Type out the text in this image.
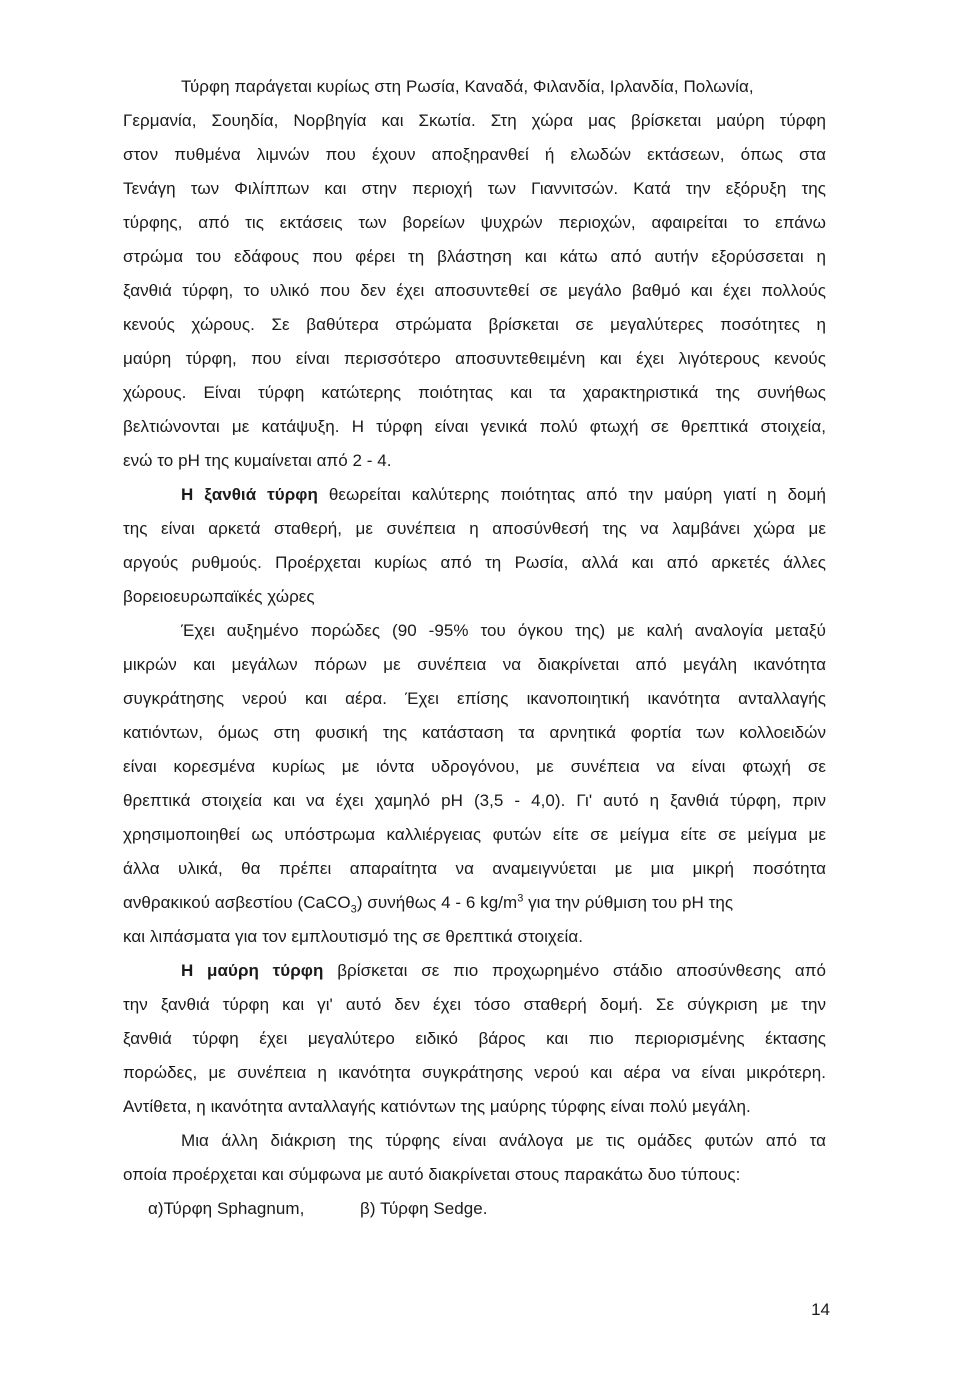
Τύρφη παράγεται κυρίως στη Ρωσία, Καναδά, Φιλανδία, Ιρλανδία, Πολωνία,
Γερμανία, Σουηδία, Νορβηγία και Σκωτία. Στη χώρα μας βρίσκεται μαύρη τύρφη
στον πυθμένα λιμνών που έχουν αποξηρανθεί ή ελωδών εκτάσεων, όπως στα
Τενάγη των Φιλίππων και στην περιοχή των Γιαννιτσών. Κατά την εξόρυξη της
τύρφης, από τις εκτάσεις των βορείων ψυχρών περιοχών, αφαιρείται το επάνω
στρώμα του εδάφους που φέρει τη βλάστηση και κάτω από αυτήν εξορύσσεται η
ξανθιά τύρφη, το υλικό που δεν έχει αποσυντεθεί σε μεγάλο βαθμό και έχει πολλούς
κενούς χώρους. Σε βαθύτερα στρώματα βρίσκεται σε μεγαλύτερες ποσότητες η
μαύρη τύρφη, που είναι περισσότερο αποσυντεθειμένη και έχει λιγότερους κενούς
χώρους. Είναι τύρφη κατώτερης ποιότητας και τα χαρακτηριστικά της συνήθως
βελτιώνονται με κατάψυξη. Η τύρφη είναι γενικά πολύ φτωχή σε θρεπτικά στοιχεία,
ενώ το pH της κυμαίνεται από 2 - 4.
Η ξανθιά τύρφη θεωρείται καλύτερης ποιότητας από την μαύρη γιατί η δομή
της είναι αρκετά σταθερή, με συνέπεια η αποσύνθεσή της να λαμβάνει χώρα με
αργούς ρυθμούς. Προέρχεται κυρίως από τη Ρωσία, αλλά και από αρκετές άλλες
βορειοευρωπαϊκές χώρες
Έχει αυξημένο πορώδες (90 -95% του όγκου της) με καλή αναλογία μεταξύ
μικρών και μεγάλων πόρων με συνέπεια να διακρίνεται από μεγάλη ικανότητα
συγκράτησης νερού και αέρα. Έχει επίσης ικανοποιητική ικανότητα ανταλλαγής
κατιόντων, όμως στη φυσική της κατάσταση τα αρνητικά φορτία των κολλοειδών
είναι κορεσμένα κυρίως με ιόντα υδρογόνου, με συνέπεια να είναι φτωχή σε
θρεπτικά στοιχεία και να έχει χαμηλό pH (3,5 - 4,0). Γι' αυτό η ξανθιά τύρφη, πριν
χρησιμοποιηθεί ως υπόστρωμα καλλιέργειας φυτών είτε σε μείγμα είτε σε μείγμα με
άλλα υλικά, θα πρέπει απαραίτητα να αναμειγνύεται με μια μικρή ποσότητα
ανθρακικού ασβεστίου (CaCO$_3$) συνήθως 4 - 6 $kg/m^3$ για την ρύθμιση του pH της
και λιπάσματα για τον εμπλουτισμό της σε θρεπτικά στοιχεία.
Η μαύρη τύρφη βρίσκεται σε πιο προχωρημένο στάδιο αποσύνθεσης από
την ξανθιά τύρφη και γι' αυτό δεν έχει τόσο σταθερή δομή. Σε σύγκριση με την
ξανθιά τύρφη έχει μεγαλύτερο ειδικό βάρος και πιο περιορισμένης έκτασης
πορώδες, με συνέπεια η ικανότητα συγκράτησης νερού και αέρα να είναι μικρότερη.
Αντίθετα, η ικανότητα ανταλλαγής κατιόντων της μαύρης τύρφης είναι πολύ μεγάλη.
Μια άλλη διάκριση της τύρφης είναι ανάλογα με τις ομάδες φυτών από τα
οποία προέρχεται και σύμφωνα με αυτό διακρίνεται στους παρακάτω δυο τύπους:
α)Τύρφη Sphagnum,	β) Τύρφη Sedge.
14
